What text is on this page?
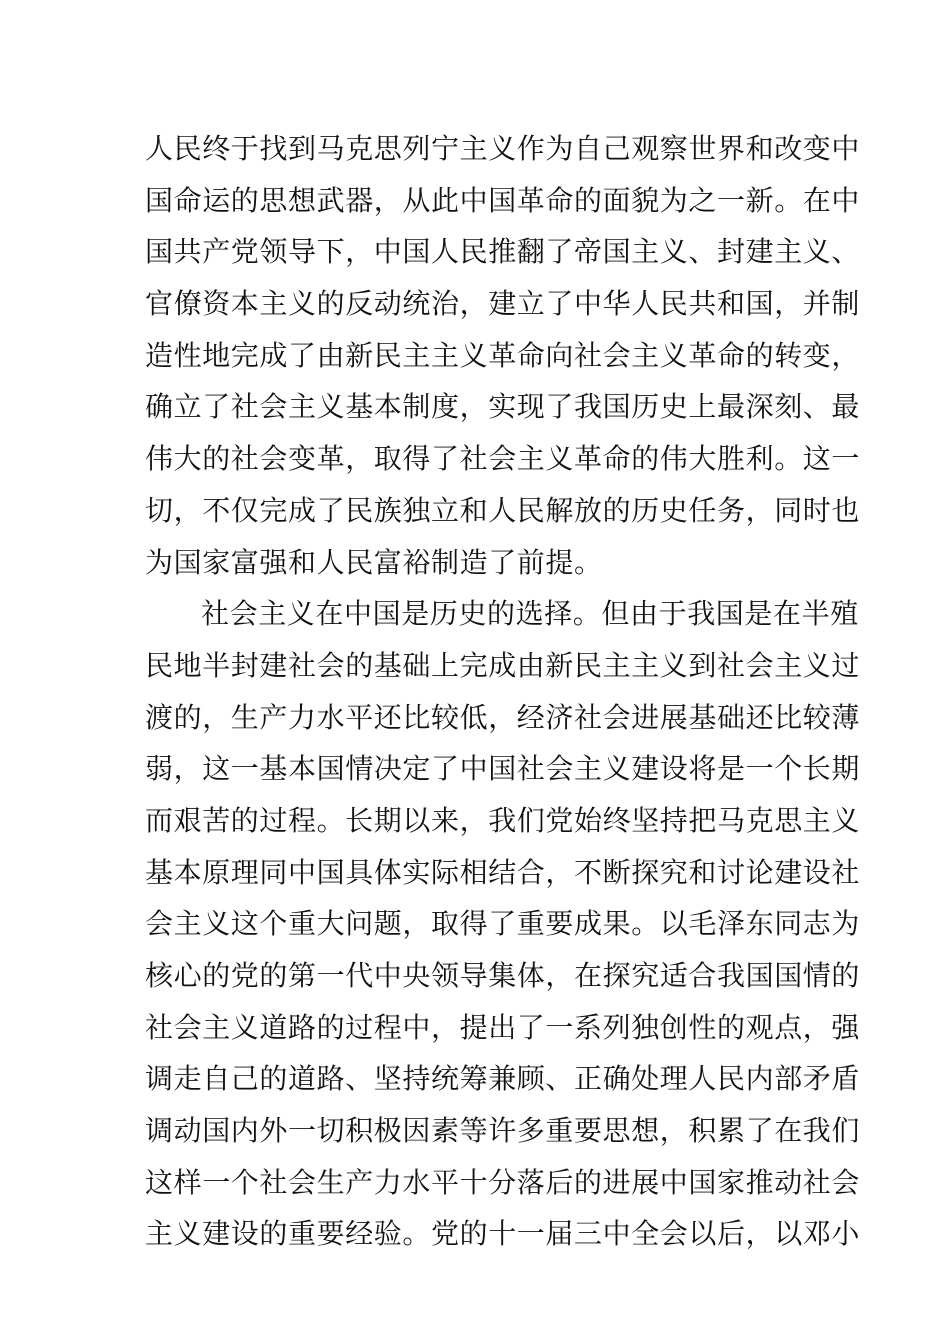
人民终于找到马克思列宁主义作为自己观察世界和改变中
国命运的思想武器，从此中国革命的面貌为之一新。在中
国共产党领导下，中国人民推翻了帝国主义、封建主义、
官僚资本主义的反动统治，建立了中华人民共和国，并制
造性地完成了由新民主主义革命向社会主义革命的转变，
确立了社会主义基本制度，实现了我国历史上最深刻、最
伟大的社会变革，取得了社会主义革命的伟大胜利。这一
切，不仅完成了民族独立和人民解放的历史任务，同时也
为国家富强和人民富裕制造了前提。
社会主义在中国是历史的选择。但由于我国是在半殖
民地半封建社会的基础上完成由新民主主义到社会主义过
渡的，生产力水平还比较低，经济社会进展基础还比较薄
弱，这一基本国情决定了中国社会主义建设将是一个长期
而艰苦的过程。长期以来，我们党始终坚持把马克思主义
基本原理同中国具体实际相结合，不断探究和讨论建设社
会主义这个重大问题，取得了重要成果。以毛泽东同志为
核心的党的第一代中央领导集体，在探究适合我国国情的
社会主义道路的过程中，提出了一系列独创性的观点，强
调走自己的道路、坚持统筹兼顾、正确处理人民内部矛盾
调动国内外一切积极因素等许多重要思想，积累了在我们
这样一个社会生产力水平十分落后的进展中国家推动社会
主义建设的重要经验。党的十一届三中全会以后，以邓小
